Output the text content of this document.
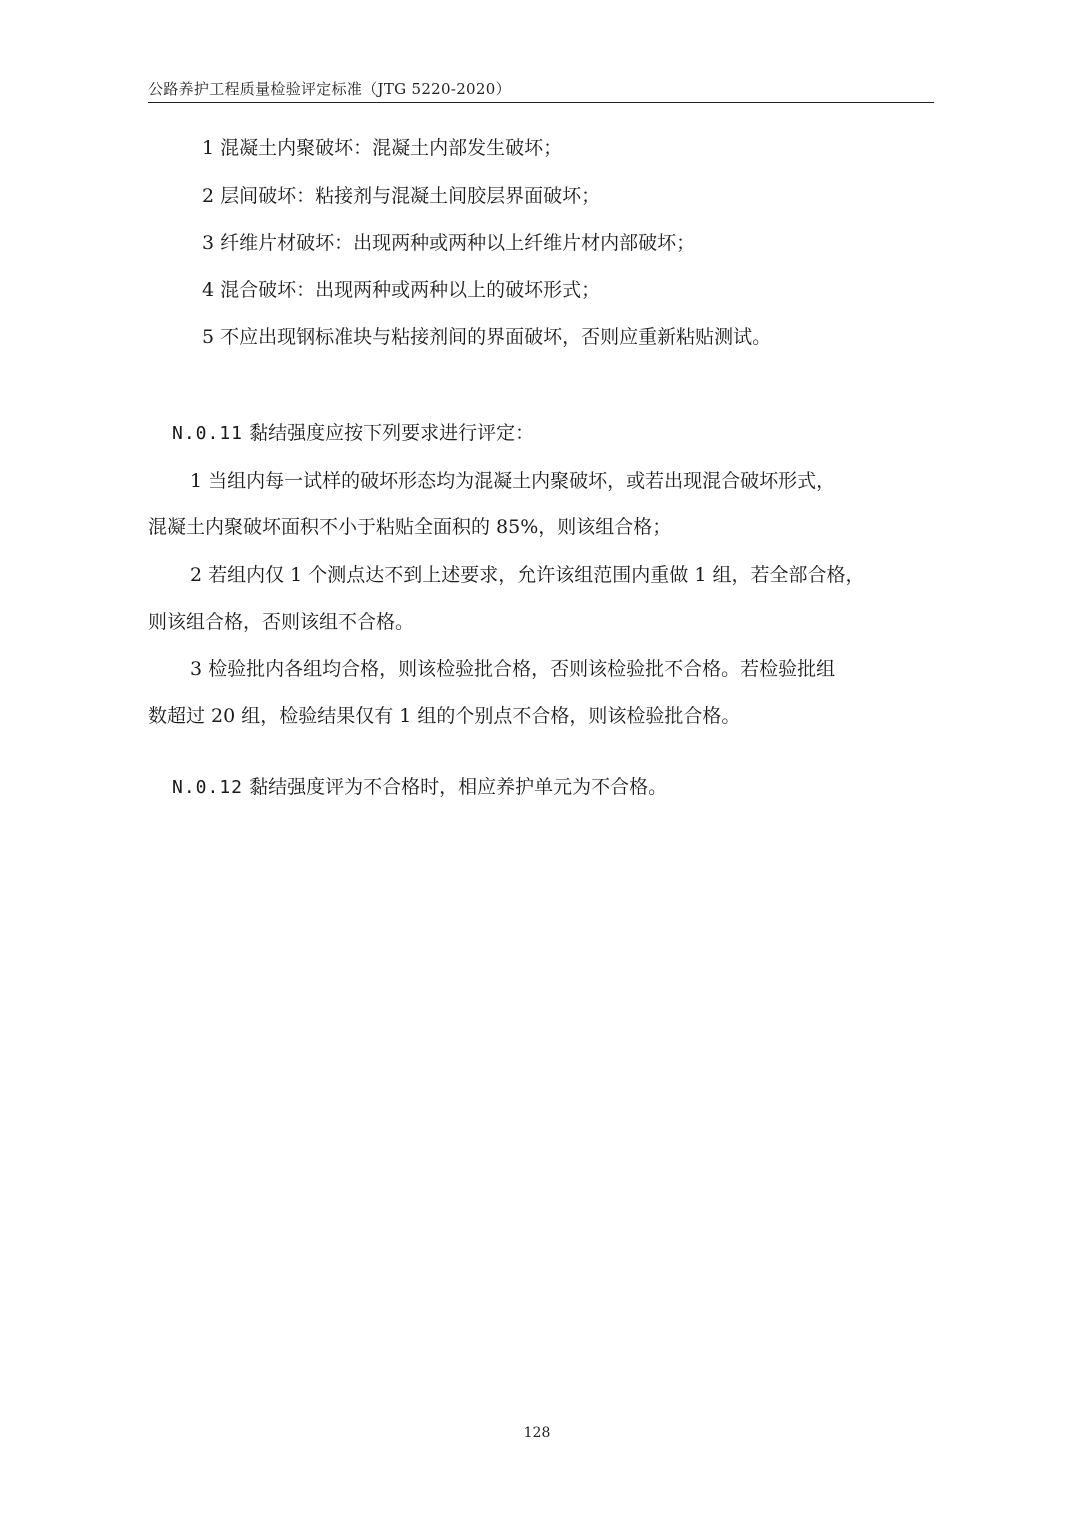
公路养护工程质量检验评定标准（JTG 5220-2020）
1 混凝土内聚破坏：混凝土内部发生破坏；
2 层间破坏：粘接剂与混凝土间胶层界面破坏；
3 纤维片材破坏：出现两种或两种以上纤维片材内部破坏；
4 混合破坏：出现两种或两种以上的破坏形式；
5 不应出现钢标准块与粘接剂间的界面破坏，否则应重新粘贴测试。
N.0.11 黏结强度应按下列要求进行评定：
1 当组内每一试样的破坏形态均为混凝土内聚破坏，或若出现混合破坏形式，
混凝土内聚破坏面积不小于粘贴全面积的 85%，则该组合格；
2 若组内仅 1 个测点达不到上述要求，允许该组范围内重做 1 组，若全部合格，
则该组合格，否则该组不合格。
3 检验批内各组均合格，则该检验批合格，否则该检验批不合格。若检验批组
数超过 20 组，检验结果仅有 1 组的个别点不合格，则该检验批合格。
N.0.12 黏结强度评为不合格时，相应养护单元为不合格。
128
